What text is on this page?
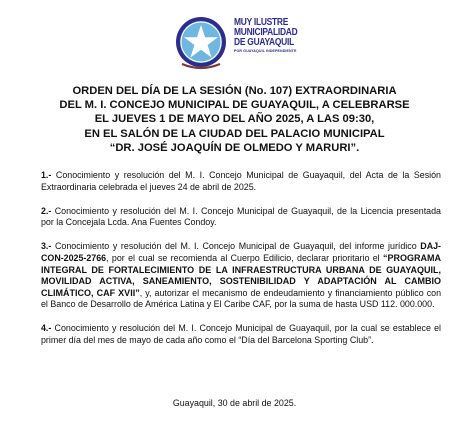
MUY ILUSTRE
MUNICIPALIDAD
DE GUAYAQUIL
POR GUAYAQUIL INDEPENDIENTE
ORDEN DEL DÍA DE LA SESIÓN (No. 107) EXTRAORDINARIA
DEL M. I. CONCEJO MUNICIPAL DE GUAYAQUIL, A CELEBRARSE
EL JUEVES 1 DE MAYO DEL AÑO 2025, A LAS 09:30,
EN EL SALÓN DE LA CIUDAD DEL PALACIO MUNICIPAL
“DR. JOSÉ JOAQUÍN DE OLMEDO Y MARURI”.

1.- Conocimiento y resolución del M. I. Concejo Municipal de Guayaquil, del Acta de la Sesión Extraordinaria celebrada el jueves 24 de abril de 2025.

2.- Conocimiento y resolución del M. I. Concejo Municipal de Guayaquil, de la Licencia presentada por la Concejala Lcda. Ana Fuentes Condoy.

3.- Conocimiento y resolución del M. I. Concejo Municipal de Guayaquil, del informe jurídico DAJ-CON-2025-2766, por el cual se recomienda al Cuerpo Edilicio, declarar prioritario el “PROGRAMA INTEGRAL DE FORTALECIMIENTO DE LA INFRAESTRUCTURA URBANA DE GUAYAQUIL, MOVILIDAD ACTIVA, SANEAMIENTO, SOSTENIBILIDAD Y ADAPTACIÓN AL CAMBIO CLIMÁTICO, CAF XVII”, y, autorizar el mecanismo de endeudamiento y financiamiento público con el Banco de Desarrollo de América Latina y El Caribe CAF, por la suma de hasta USD 112. 000.000.

4.- Conocimiento y resolución del M. I. Concejo Municipal de Guayaquil, por la cual se establece el primer día del mes de mayo de cada año como el “Día del Barcelona Sporting Club”.

Guayaquil, 30 de abril de 2025.
